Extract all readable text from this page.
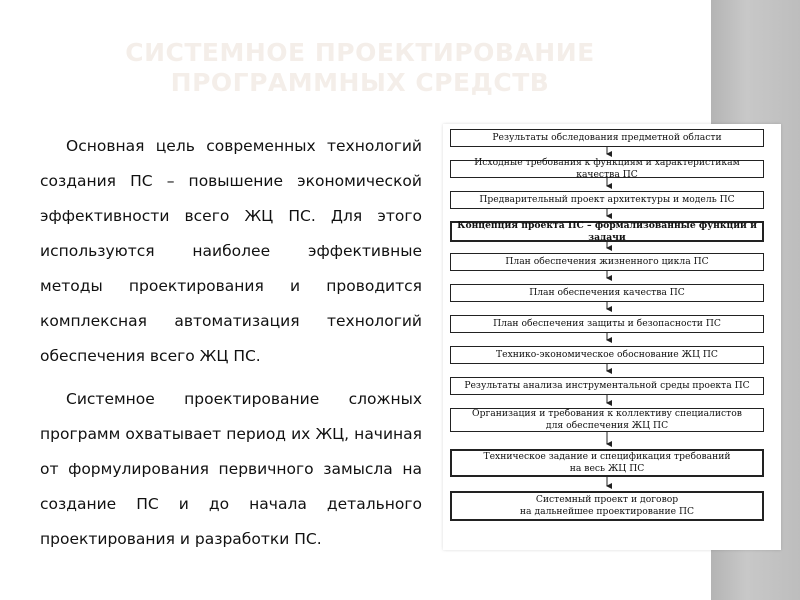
СИСТЕМНОЕ ПРОЕКТИРОВАНИЕ
ПРОГРАММНЫХ СРЕДСТВ

Основная цель современных технологий создания ПС – повышение экономической эффективности всего ЖЦ ПС. Для этого используются наиболее эффективные методы проектирования и проводится комплексная автоматизация технологий обеспечения всего ЖЦ ПС.

Системное проектирование сложных программ охватывает период их ЖЦ, начиная от формулирования первичного замысла на создание ПС и до начала детального проектирования и разработки ПС.

Результаты обследования предметной области
Исходные требования к функциям и характеристикам качества ПС
Предварительный проект архитектуры и модель ПС
Концепция проекта ПС – формализованные функции и задачи
План обеспечения жизненного цикла ПС
План обеспечения качества ПС
План обеспечения защиты и безопасности ПС
Технико-экономическое обоснование ЖЦ ПС
Результаты анализа инструментальной среды проекта ПС
Организация и требования к коллективу специалистов
для обеспечения ЖЦ ПС
Техническое задание и спецификация требований
на весь ЖЦ ПС
Системный проект и договор
на дальнейшее проектирование ПС
